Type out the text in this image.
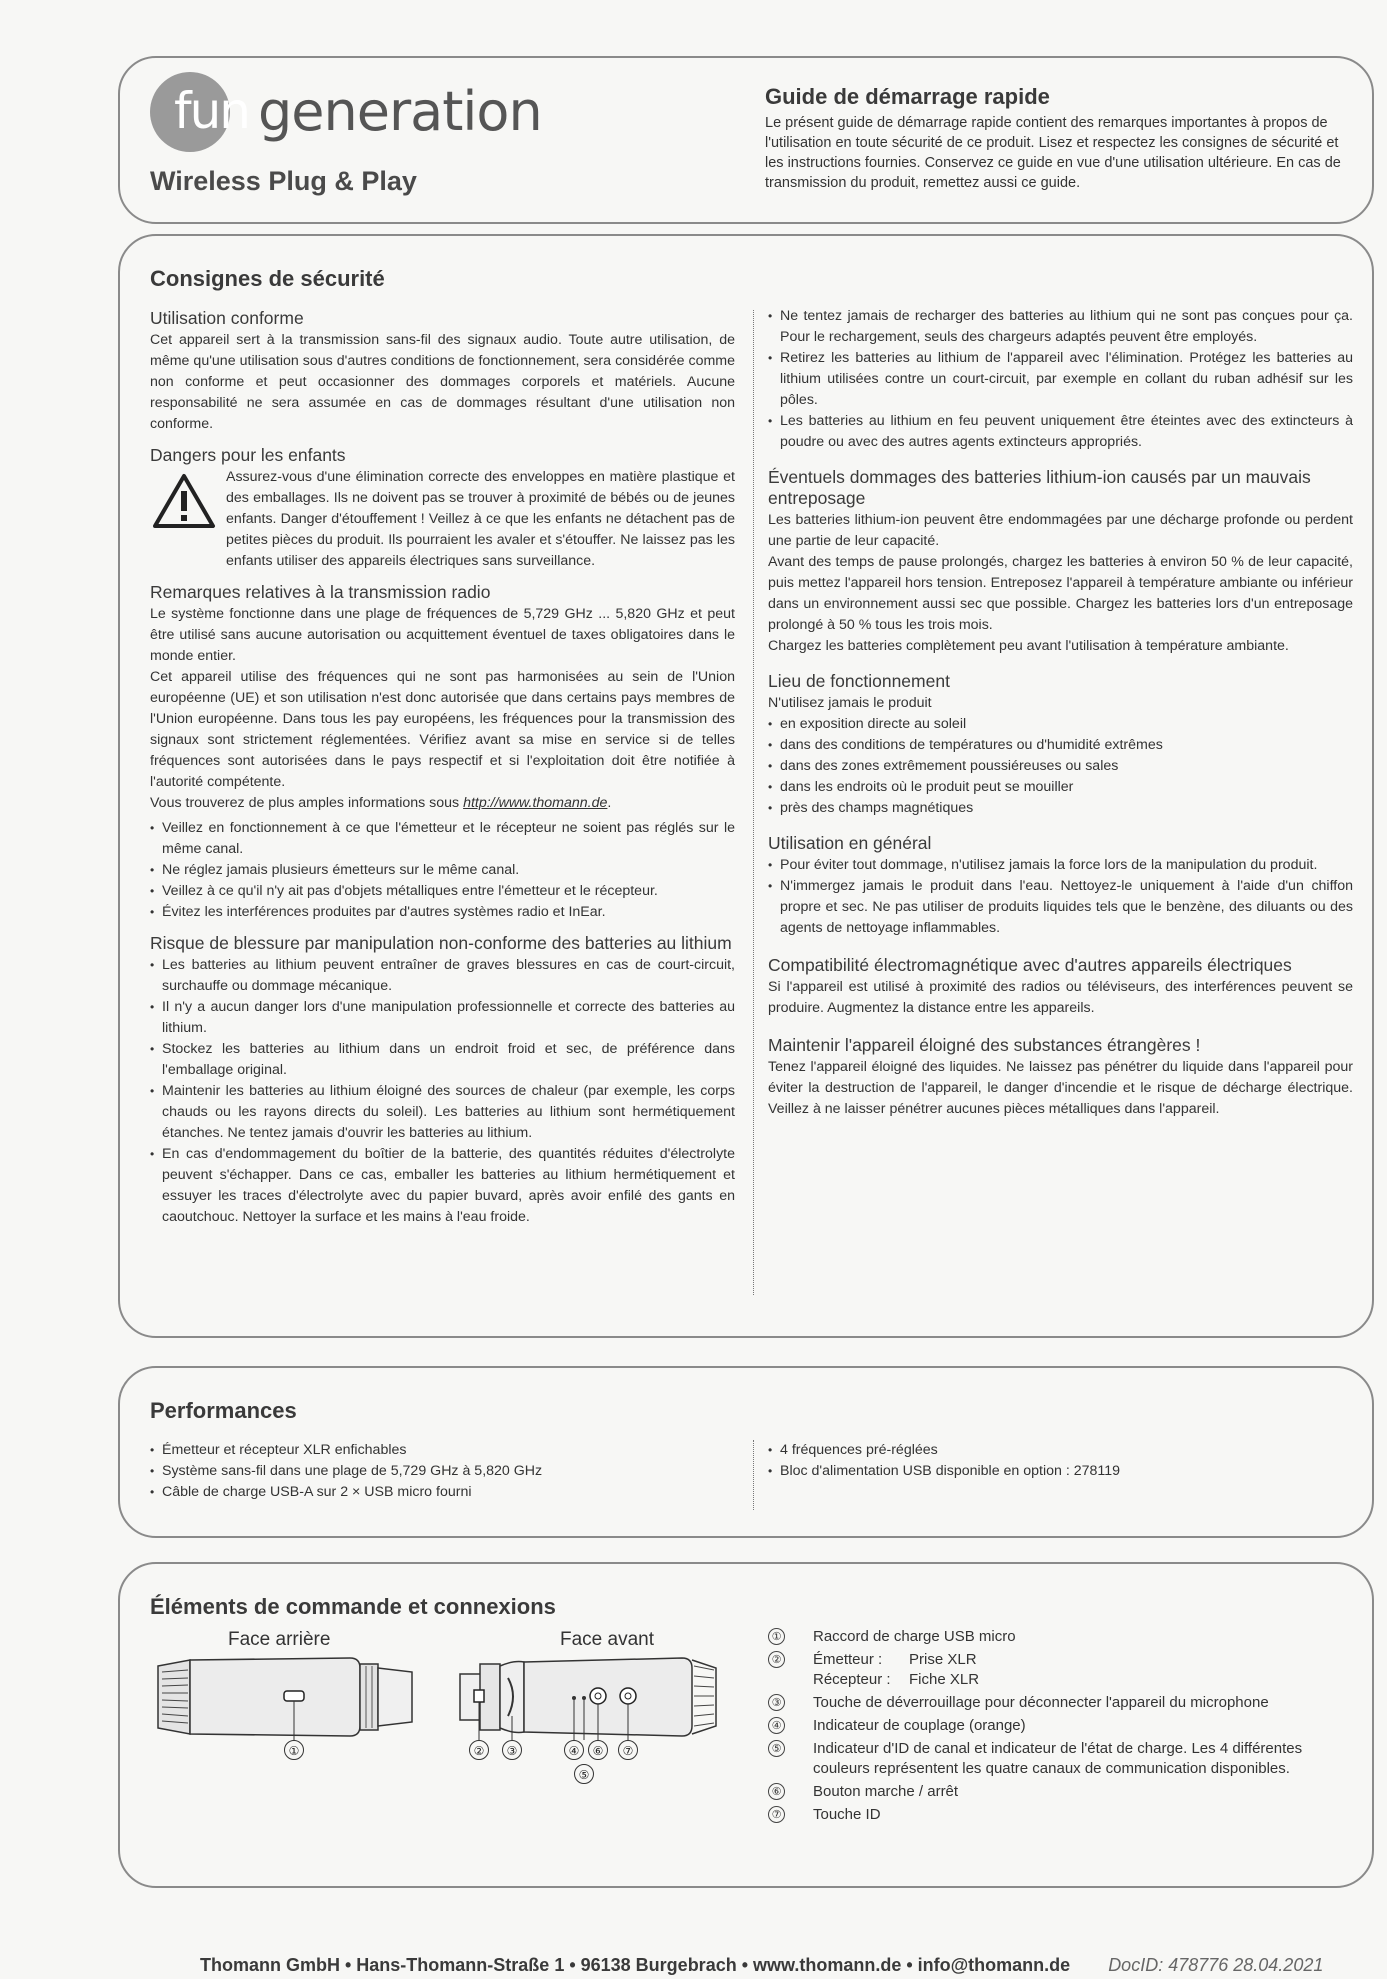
fun generation
Wireless Plug & Play
Guide de démarrage rapide
Le présent guide de démarrage rapide contient des remarques importantes à propos de l'utilisation en toute sécurité de ce produit. Lisez et respectez les consignes de sécurité et les instructions fournies. Conservez ce guide en vue d'une utilisation ultérieure. En cas de transmission du produit, remettez aussi ce guide.
Consignes de sécurité
Utilisation conforme

Cet appareil sert à la transmission sans-fil des signaux audio. Toute autre utilisation, de même qu'une utilisation sous d'autres conditions de fonctionnement, sera considérée comme non conforme et peut occasionner des dommages corporels et matériels. Aucune responsabilité ne sera assumée en cas de dommages résultant d'une utilisation non conforme.

Dangers pour les enfants

Assurez-vous d'une élimination correcte des enveloppes en matière plastique et des emballages. Ils ne doivent pas se trouver à proximité de bébés ou de jeunes enfants. Danger d'étouffement ! Veillez à ce que les enfants ne détachent pas de petites pièces du produit. Ils pourraient les avaler et s'étouffer. Ne laissez pas les enfants utiliser des appareils électriques sans surveillance.

Remarques relatives à la transmission radio

Le système fonctionne dans une plage de fréquences de 5,729 GHz ... 5,820 GHz et peut être utilisé sans aucune autorisation ou acquittement éventuel de taxes obligatoires dans le monde entier.

Cet appareil utilise des fréquences qui ne sont pas harmonisées au sein de l'Union européenne (UE) et son utilisation n'est donc autorisée que dans certains pays membres de l'Union européenne. Dans tous les pay européens, les fréquences pour la transmission des signaux sont strictement réglementées. Vérifiez avant sa mise en service si de telles fréquences sont autorisées dans le pays respectif et si l'exploitation doit être notifiée à l'autorité compétente.

Vous trouverez de plus amples informations sous http://www.thomann.de.

• Veillez en fonctionnement à ce que l'émetteur et le récepteur ne soient pas réglés sur le même canal.
• Ne réglez jamais plusieurs émetteurs sur le même canal.
• Veillez à ce qu'il n'y ait pas d'objets métalliques entre l'émetteur et le récepteur.
• Évitez les interférences produites par d'autres systèmes radio et InEar.
Risque de blessure par manipulation non-conforme des batteries au lithium
• Les batteries au lithium peuvent entraîner de graves blessures en cas de court-circuit, surchauffe ou dommage mécanique.
• Il n'y a aucun danger lors d'une manipulation professionnelle et correcte des batteries au lithium.
• Stockez les batteries au lithium dans un endroit froid et sec, de préférence dans l'emballage original.
• Maintenir les batteries au lithium éloigné des sources de chaleur (par exemple, les corps chauds ou les rayons directs du soleil). Les batteries au lithium sont hermétiquement étanches. Ne tentez jamais d'ouvrir les batteries au lithium.
• En cas d'endommagement du boîtier de la batterie, des quantités réduites d'électrolyte peuvent s'échapper. Dans ce cas, emballer les batteries au lithium hermétiquement et essuyer les traces d'électrolyte avec du papier buvard, après avoir enfilé des gants en caoutchouc. Nettoyer la surface et les mains à l'eau froide.
• Ne tentez jamais de recharger des batteries au lithium qui ne sont pas conçues pour ça. Pour le rechargement, seuls des chargeurs adaptés peuvent être employés.
• Retirez les batteries au lithium de l'appareil avec l'élimination. Protégez les batteries au lithium utilisées contre un court-circuit, par exemple en collant du ruban adhésif sur les pôles.
• Les batteries au lithium en feu peuvent uniquement être éteintes avec des extincteurs à poudre ou avec des autres agents extincteurs appropriés.
Éventuels dommages des batteries lithium-ion causés par un mauvais entreposage

Les batteries lithium-ion peuvent être endommagées par une décharge profonde ou perdent une partie de leur capacité.

Avant des temps de pause prolongés, chargez les batteries à environ 50 % de leur capacité, puis mettez l'appareil hors tension. Entreposez l'appareil à température ambiante ou inférieur dans un environnement aussi sec que possible. Chargez les batteries lors d'un entreposage prolongé à 50 % tous les trois mois.

Chargez les batteries complètement peu avant l'utilisation à température ambiante.

Lieu de fonctionnement

N'utilisez jamais le produit

• en exposition directe au soleil
• dans des conditions de températures ou d'humidité extrêmes
• dans des zones extrêmement poussiéreuses ou sales
• dans les endroits où le produit peut se mouiller
• près des champs magnétiques
Utilisation en général
• Pour éviter tout dommage, n'utilisez jamais la force lors de la manipulation du produit.
• N'immergez jamais le produit dans l'eau. Nettoyez-le uniquement à l'aide d'un chiffon propre et sec. Ne pas utiliser de produits liquides tels que le benzène, des diluants ou des agents de nettoyage inflammables.
Compatibilité électromagnétique avec d'autres appareils électriques

Si l'appareil est utilisé à proximité des radios ou téléviseurs, des interférences peuvent se produire. Augmentez la distance entre les appareils.

Maintenir l'appareil éloigné des substances étrangères !

Tenez l'appareil éloigné des liquides. Ne laissez pas pénétrer du liquide dans l'appareil pour éviter la destruction de l'appareil, le danger d'incendie et le risque de décharge électrique. Veillez à ne laisser pénétrer aucunes pièces métalliques dans l'appareil.

Performances
• Émetteur et récepteur XLR enfichables
• Système sans-fil dans une plage de 5,729 GHz à 5,820 GHz
• Câble de charge USB-A sur 2 × USB micro fourni
• 4 fréquences pré-réglées
• Bloc d'alimentation USB disponible en option : 278119
Éléments de commande et connexions
Face arrière	Face avant
①	②	③	④	⑥	⑦
⑤
① Raccord de charge USB micro
② Émetteur :	Prise XLR
Récepteur :	Fiche XLR
③ Touche de déverrouillage pour déconnecter l'appareil du microphone
④ Indicateur de couplage (orange)
⑤ Indicateur d'ID de canal et indicateur de l'état de charge. Les 4 différentes couleurs représentent les quatre canaux de communication disponibles.
⑥ Bouton marche / arrêt
⑦ Touche ID
Thomann GmbH • Hans-Thomann-Straße 1 • 96138 Burgebrach • www.thomann.de • info@thomann.de DocID: 478776 28.04.2021
